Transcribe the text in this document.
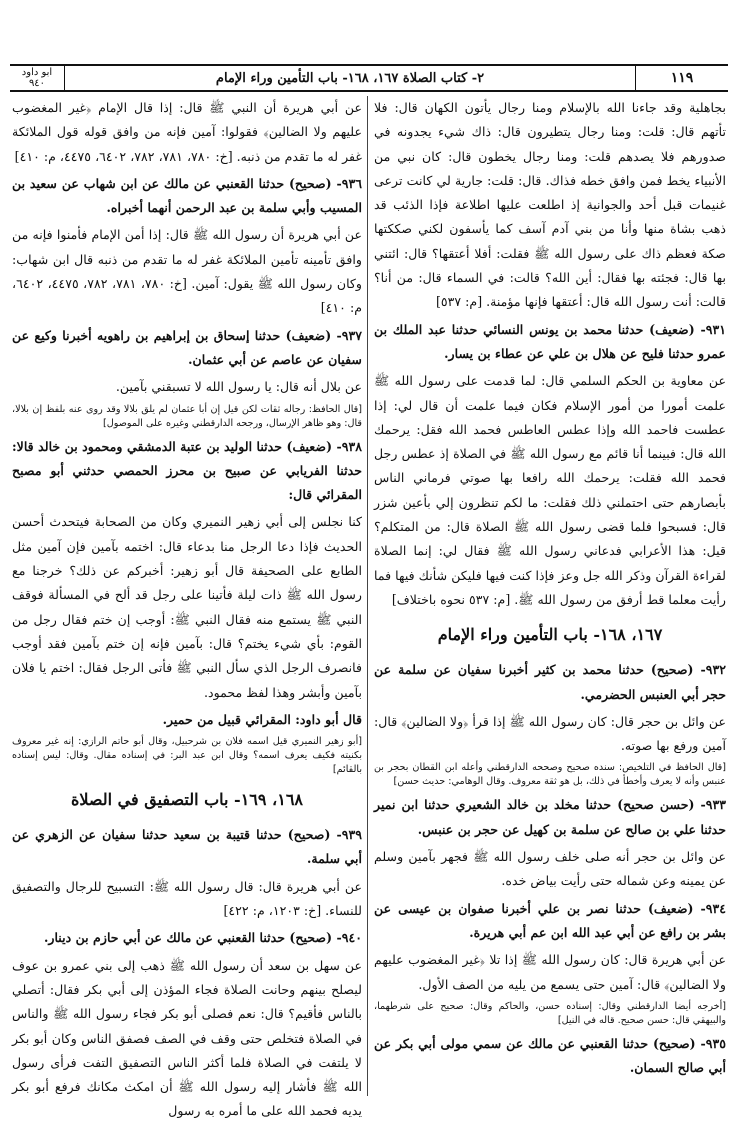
ابو داود
٩٤٠	٢- كتاب الصلاة ١٦٧، ١٦٨- باب التأمين وراء الإمام	١١٩

بجاهلية وقد جاءنا الله بالإسلام ومنا رجال يأتون الكهان قال: فلا تأتهم قال: قلت: ومنا رجال يتطيرون قال: ذاك شيء يجدونه في صدورهم فلا يصدهم قلت: ومنا رجال يخطون قال: كان نبي من الأنبياء يخط فمن وافق خطه فذاك. قال: قلت: جارية لي كانت ترعى غنيمات قبل أحد والجوانية إذ اطلعت عليها اطلاعة فإذا الذئب قد ذهب بشاة منها وأنا من بني آدم آسف كما يأسفون لكني صككتها صكة فعظم ذاك على رسول الله ﷺ فقلت: أفلا أعتقها؟ قال: ائتني بها قال: فجئته بها فقال: أين الله؟ قالت: في السماء قال: من أنا؟ قالت: أنت رسول الله قال: أعتقها فإنها مؤمنة. [م: ٥٣٧]

٩٣١- (ضعيف) حدثنا محمد بن يونس النسائي حدثنا عبد الملك بن عمرو حدثنا فليح عن هلال بن علي عن عطاء بن يسار.

عن معاوية بن الحكم السلمي قال: لما قدمت على رسول الله ﷺ علمت أمورا من أمور الإسلام فكان فيما علمت أن قال لي: إذا عطست فاحمد الله وإذا عطس العاطس فحمد الله فقل: يرحمك الله قال: فبينما أنا قائم مع رسول الله ﷺ في الصلاة إذ عطس رجل فحمد الله فقلت: يرحمك الله رافعا بها صوتي فرماني الناس بأبصارهم حتى احتملني ذلك فقلت: ما لكم تنظرون إلي بأعين شزر قال: فسبحوا فلما قضى رسول الله ﷺ الصلاة قال: من المتكلم؟ قيل: هذا الأعرابي فدعاني رسول الله ﷺ فقال لي: إنما الصلاة لقراءة القرآن وذكر الله جل وعز فإذا كنت فيها فليكن شأنك فيها فما رأيت معلما قط أرفق من رسول الله ﷺ. [م: ٥٣٧ نحوه باختلاف]

١٦٧، ١٦٨- باب التأمين وراء الإمام

٩٣٢- (صحيح) حدثنا محمد بن كثير أخبرنا سفيان عن سلمة عن حجر أبي العنبس الحضرمي.

عن وائل بن حجر قال: كان رسول الله ﷺ إذا قرأ ﴿ولا الضالين﴾ قال: آمين ورفع بها صوته.

[قال الحافظ في التلخيص: سنده صحيح وصححه الدارقطني وأعله ابن القطان بحجر بن عنبس وأنه لا يعرف وأخطأ في ذلك، بل هو ثقة معروف. وقال الوهامي: حديث حسن]

٩٣٣- (حسن صحيح) حدثنا مخلد بن خالد الشعيري حدثنا ابن نمير حدثنا علي بن صالح عن سلمة بن كهيل عن حجر بن عنبس.

عن وائل بن حجر أنه صلى خلف رسول الله ﷺ فجهر بآمين وسلم عن يمينه وعن شماله حتى رأيت بياض خده.

٩٣٤- (ضعيف) حدثنا نصر بن علي أخبرنا صفوان بن عيسى عن بشر بن رافع عن أبي عبد الله ابن عم أبي هريرة.

عن أبي هريرة قال: كان رسول الله ﷺ إذا تلا ﴿غير المغضوب عليهم ولا الضالين﴾ قال: آمين حتى يسمع من يليه من الصف الأول.

[أخرجه أيضا الدارقطني وقال: إسناده حسن، والحاكم وقال: صحيح على شرطهما، والبيهقي قال: حسن صحيح. قاله في النيل]

٩٣٥- (صحيح) حدثنا القعنبي عن مالك عن سمي مولى أبي بكر عن أبي صالح السمان.

عن أبي هريرة أن النبي ﷺ قال: إذا قال الإمام ﴿غير المغضوب عليهم ولا الضالين﴾ فقولوا: آمين فإنه من وافق قوله قول الملائكة غفر له ما تقدم من ذنبه. [خ: ٧٨٠، ٧٨١، ٧٨٢، ٦٤٠٢، ٤٤٧٥، م: ٤١٠]

٩٣٦- (صحيح) حدثنا القعنبي عن مالك عن ابن شهاب عن سعيد بن المسيب وأبي سلمة بن عبد الرحمن أنهما أخبراه.

عن أبي هريرة أن رسول الله ﷺ قال: إذا أمن الإمام فأمنوا فإنه من وافق تأمينه تأمين الملائكة غفر له ما تقدم من ذنبه قال ابن شهاب: وكان رسول الله ﷺ يقول: آمين. [خ: ٧٨٠، ٧٨١، ٧٨٢، ٤٤٧٥، ٦٤٠٢، م: ٤١٠]

٩٣٧- (ضعيف) حدثنا إسحاق بن إبراهيم بن راهويه أخبرنا وكيع عن سفيان عن عاصم عن أبي عثمان.

عن بلال أنه قال: يا رسول الله لا تسبقني بآمين.

[قال الحافظ: رجاله ثقات لكن قيل إن أبا عثمان لم يلق بلالا وقد روى عنه بلفظ إن بلالا، قال: وهو ظاهر الإرسال، ورجحه الدارقطني وغيره على الموصول]

٩٣٨- (ضعيف) حدثنا الوليد بن عتبة الدمشقي ومحمود بن خالد قالا: حدثنا الفريابي عن صبيح بن محرز الحمصي حدثني أبو مصبح المقرائي قال:

كنا نجلس إلى أبي زهير النميري وكان من الصحابة فيتحدث أحسن الحديث فإذا دعا الرجل منا بدعاء قال: اختمه بآمين فإن آمين مثل الطابع على الصحيفة قال أبو زهير: أخبركم عن ذلك؟ خرجنا مع رسول الله ﷺ ذات ليلة فأتينا على رجل قد ألح في المسألة فوقف النبي ﷺ يستمع منه فقال النبي ﷺ: أوجب إن ختم فقال رجل من القوم: بأي شيء يختم؟ قال: بآمين فإنه إن ختم بآمين فقد أوجب فانصرف الرجل الذي سأل النبي ﷺ فأتى الرجل فقال: اختم يا فلان بآمين وأبشر وهذا لفظ محمود.

قال أبو داود: المقرائي قبيل من حمير.

[أبو زهير النميري قيل اسمه فلان بن شرحبيل، وقال أبو حاتم الرازي: إنه غير معروف بكنيته فكيف يعرف اسمه؟ وقال ابن عبد البر: في إسناده مقال. وقال: ليس إسناده بالقائم]

١٦٨، ١٦٩- باب التصفيق في الصلاة

٩٣٩- (صحيح) حدثنا قتيبة بن سعيد حدثنا سفيان عن الزهري عن أبي سلمة.

عن أبي هريرة قال: قال رسول الله ﷺ: التسبيح للرجال والتصفيق للنساء. [خ: ١٢٠٣، م: ٤٢٢]

٩٤٠- (صحيح) حدثنا القعنبي عن مالك عن أبي حازم بن دينار.

عن سهل بن سعد أن رسول الله ﷺ ذهب إلى بني عمرو بن عوف ليصلح بينهم وحانت الصلاة فجاء المؤذن إلى أبي بكر فقال: أتصلي بالناس فأقيم؟ قال: نعم فصلى أبو بكر فجاء رسول الله ﷺ والناس في الصلاة فتخلص حتى وقف في الصف فصفق الناس وكان أبو بكر لا يلتفت في الصلاة فلما أكثر الناس التصفيق التفت فرأى رسول الله ﷺ فأشار إليه رسول الله ﷺ أن امكث مكانك فرفع أبو بكر يديه فحمد الله على ما أمره به رسول
